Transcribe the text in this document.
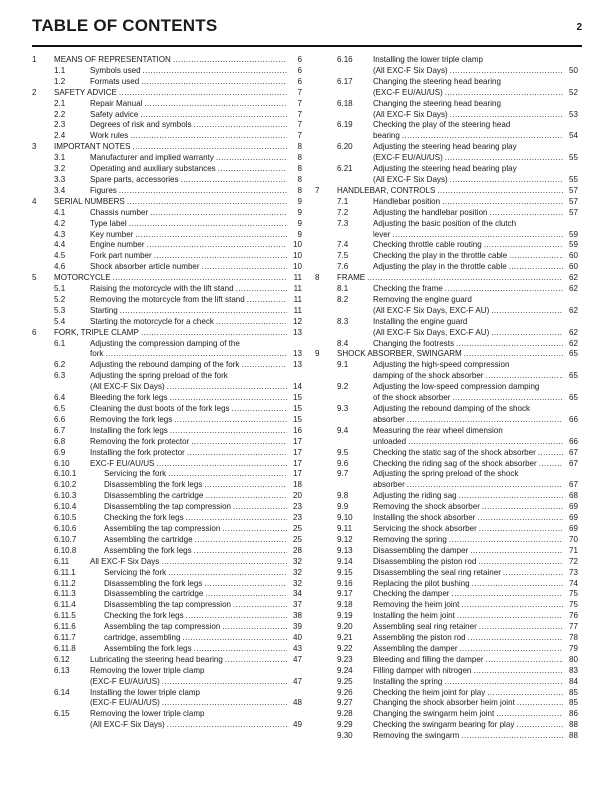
TABLE OF CONTENTS	2
1	MEANS OF REPRESENTATION .....	6
1.1	Symbols used .....	6
1.2	Formats used .....	6
2	SAFETY ADVICE .....	7
2.1	Repair Manual .....	7
2.2	Safety advice .....	7
2.3	Degrees of risk and symbols .....	7
2.4	Work rules .....	7
3	IMPORTANT NOTES .....	8
3.1	Manufacturer and implied warranty .....	8
3.2	Operating and auxiliary substances .....	8
3.3	Spare parts, accessories .....	8
3.4	Figures .....	8
4	SERIAL NUMBERS .....	9
4.1	Chassis number .....	9
4.2	Type label .....	9
4.3	Key number .....	9
4.4	Engine number .....	10
4.5	Fork part number .....	10
4.6	Shock absorber article number .....	10
5	MOTORCYCLE .....	11
5.1	Raising the motorcycle with the lift stand .....	11
5.2	Removing the motorcycle from the lift stand .....	11
5.3	Starting .....	11
5.4	Starting the motorcycle for a check .....	12
6	FORK, TRIPLE CLAMP .....	13
6.1	Adjusting the compression damping of the
fork .....	13
6.2	Adjusting the rebound damping of the fork .....	13
6.3	Adjusting the spring preload of the fork
(All EXC-F Six Days) .....	14
6.4	Bleeding the fork legs .....	15
6.5	Cleaning the dust boots of the fork legs .....	15
6.6	Removing the fork legs .....	15
6.7	Installing the fork legs .....	16
6.8	Removing the fork protector .....	17
6.9	Installing the fork protector .....	17
6.10	EXC-F EU/AU/US .....	17
6.10.1	Servicing the fork .....	17
6.10.2	Disassembling the fork legs .....	18
6.10.3	Disassembling the cartridge .....	20
6.10.4	Disassembling the tap compression .....	23
6.10.5	Checking the fork legs .....	23
6.10.6	Assembling the tap compression .....	25
6.10.7	Assembling the cartridge .....	25
6.10.8	Assembling the fork legs .....	28
6.11	All EXC-F Six Days .....	32
6.11.1	Servicing the fork .....	32
6.11.2	Disassembling the fork legs .....	32
6.11.3	Disassembling the cartridge .....	34
6.11.4	Disassembling the tap compression .....	37
6.11.5	Checking the fork legs .....	38
6.11.6	Assembling the tap compression .....	39
6.11.7	cartridge, assembling .....	40
6.11.8	Assembling the fork legs .....	43
6.12	Lubricating the steering head bearing .....	47
6.13	Removing the lower triple clamp
(EXC-F EU/AU/US) .....	47
6.14	Installing the lower triple clamp
(EXC-F EU/AU/US) .....	48
6.15	Removing the lower triple clamp
(All EXC-F Six Days) .....	49
6.16	Installing the lower triple clamp
(All EXC-F Six Days) .....	50
6.17	Changing the steering head bearing
(EXC-F EU/AU/US) .....	52
6.18	Changing the steering head bearing
(All EXC-F Six Days) .....	53
6.19	Checking the play of the steering head
bearing .....	54
6.20	Adjusting the steering head bearing play
(EXC-F EU/AU/US) .....	55
6.21	Adjusting the steering head bearing play
(All EXC-F Six Days) .....	55
7	HANDLEBAR, CONTROLS .....	57
7.1	Handlebar position .....	57
7.2	Adjusting the handlebar position .....	57
7.3	Adjusting the basic position of the clutch
lever .....	59
7.4	Checking throttle cable routing .....	59
7.5	Checking the play in the throttle cable .....	60
7.6	Adjusting the play in the throttle cable .....	60
8	FRAME .....	62
8.1	Checking the frame .....	62
8.2	Removing the engine guard
(All EXC-F Six Days, EXC-F AU) .....	62
8.3	Installing the engine guard
(All EXC-F Six Days, EXC-F AU) .....	62
8.4	Changing the footrests .....	62
9	SHOCK ABSORBER, SWINGARM .....	65
9.1	Adjusting the high-speed compression
damping of the shock absorber .....	65
9.2	Adjusting the low-speed compression damping
of the shock absorber .....	65
9.3	Adjusting the rebound damping of the shock
absorber .....	66
9.4	Measuring the rear wheel dimension
unloaded .....	66
9.5	Checking the static sag of the shock absorber .....	67
9.6	Checking the riding sag of the shock absorber .....	67
9.7	Adjusting the spring preload of the shock
absorber .....	67
9.8	Adjusting the riding sag .....	68
9.9	Removing the shock absorber .....	69
9.10	Installing the shock absorber .....	69
9.11	Servicing the shock absorber .....	69
9.12	Removing the spring .....	70
9.13	Disassembling the damper .....	71
9.14	Disassembling the piston rod .....	72
9.15	Disassembling the seal ring retainer .....	73
9.16	Replacing the pilot bushing .....	74
9.17	Checking the damper .....	75
9.18	Removing the heim joint .....	75
9.19	Installing the heim joint .....	76
9.20	Assembling seal ring retainer .....	77
9.21	Assembling the piston rod .....	78
9.22	Assembling the damper .....	79
9.23	Bleeding and filling the damper .....	80
9.24	Filling damper with nitrogen .....	83
9.25	Installing the spring .....	84
9.26	Checking the heim joint for play .....	85
9.27	Changing the shock absorber heim joint .....	85
9.28	Changing the swingarm heim joint .....	86
9.29	Checking the swingarm bearing for play .....	88
9.30	Removing the swingarm .....	88
